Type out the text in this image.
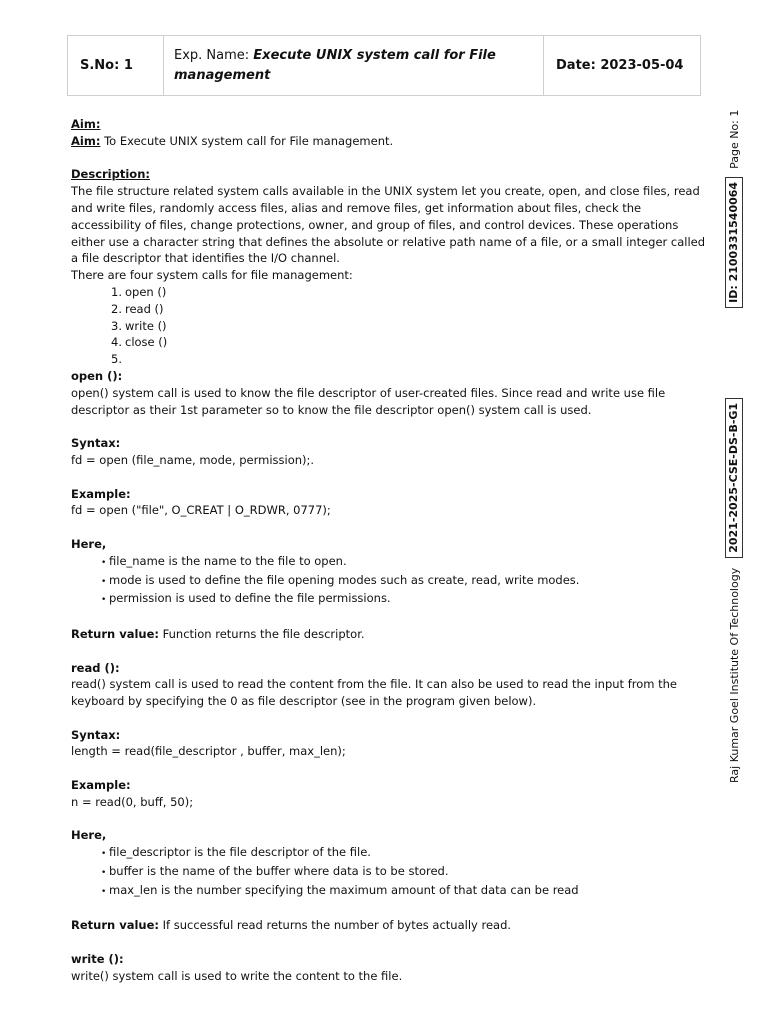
S.No: 1
Exp. Name: Execute UNIX system call for File management
Date: 2023-05-04
Raj Kumar Goel Institute Of Technology
2021-2025-CSE-DS-B-G1
ID: 2100331540064
Page No: 1

Aim:

Aim: To Execute UNIX system call for File management.

Description:

The file structure related system calls available in the UNIX system let you create, open, and close files, read and write files, randomly access files, alias and remove files, get information about files, check the accessibility of files, change protections, owner, and group of files, and control devices. These operations either use a character string that defines the absolute or relative path name of a file, or a small integer called a file descriptor that identifies the I/O channel.

There are four system calls for file management:

1. open ()
2. read ()
3. write ()
4. close ()
5.

open ():

open() system call is used to know the file descriptor of user-created files. Since read and write use file descriptor as their 1st parameter so to know the file descriptor open() system call is used.

Syntax:

fd = open (file_name, mode, permission);.

Example:

fd = open ("file", O_CREAT | O_RDWR, 0777);

Here,

• file_name is the name to the file to open.
• mode is used to define the file opening modes such as create, read, write modes.
• permission is used to define the file permissions.

Return value: Function returns the file descriptor.

read ():

read() system call is used to read the content from the file. It can also be used to read the input from the keyboard by specifying the 0 as file descriptor (see in the program given below).

Syntax:

length = read(file_descriptor , buffer, max_len);

Example:

n = read(0, buff, 50);

Here,

• file_descriptor is the file descriptor of the file.
• buffer is the name of the buffer where data is to be stored.
• max_len is the number specifying the maximum amount of that data can be read

Return value: If successful read returns the number of bytes actually read.

write ():

write() system call is used to write the content to the file.
